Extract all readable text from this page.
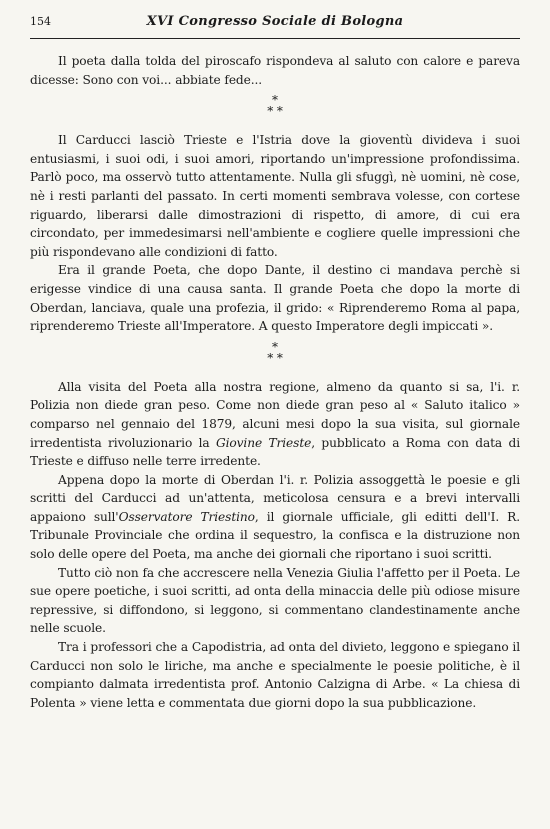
154	XVI Congresso Sociale di Bologna

Il poeta dalla tolda del piroscafo rispondeva al saluto con calore e pareva dicesse: Sono con voi... abbiate fede...

*
* *

Il Carducci lasciò Trieste e l'Istria dove la gioventù divideva i suoi entusiasmi, i suoi odi, i suoi amori, riportando un'impressione profondissima. Parlò poco, ma osservò tutto attentamente. Nulla gli sfuggì, nè uomini, nè cose, nè i resti parlanti del passato. In certi momenti sembrava volesse, con cortese riguardo, liberarsi dalle dimostrazioni di rispetto, di amore, di cui era circondato, per immedesimarsi nell'ambiente e cogliere quelle impressioni che più rispondevano alle condizioni di fatto.

Era il grande Poeta, che dopo Dante, il destino ci mandava perchè si erigesse vindice di una causa santa. Il grande Poeta che dopo la morte di Oberdan, lanciava, quale una profezia, il grido: « Riprenderemo Roma al papa, riprenderemo Trieste all'Imperatore. A questo Imperatore degli impiccati ».

*
* *

Alla visita del Poeta alla nostra regione, almeno da quanto si sa, l'i. r. Polizia non diede gran peso. Come non diede gran peso al « Saluto italico » comparso nel gennaio del 1879, alcuni mesi dopo la sua visita, sul giornale irredentista rivoluzionario la Giovine Trieste, pubblicato a Roma con data di Trieste e diffuso nelle terre irredente.

Appena dopo la morte di Oberdan l'i. r. Polizia assoggettà le poesie e gli scritti del Carducci ad un'attenta, meticolosa censura e a brevi intervalli appaiono sull'Osservatore Triestino, il giornale ufficiale, gli editti dell'I. R. Tribunale Provinciale che ordina il sequestro, la confisca e la distruzione non solo delle opere del Poeta, ma anche dei giornali che riportano i suoi scritti.

Tutto ciò non fa che accrescere nella Venezia Giulia l'affetto per il Poeta. Le sue opere poetiche, i suoi scritti, ad onta della minaccia delle più odiose misure repressive, si diffondono, si leggono, si commentano clandestinamente anche nelle scuole.

Tra i professori che a Capodistria, ad onta del divieto, leggono e spiegano il Carducci non solo le liriche, ma anche e specialmente le poesie politiche, è il compianto dalmata irredentista prof. Antonio Calzigna di Arbe. « La chiesa di Polenta » viene letta e commentata due giorni dopo la sua pubblicazione.
